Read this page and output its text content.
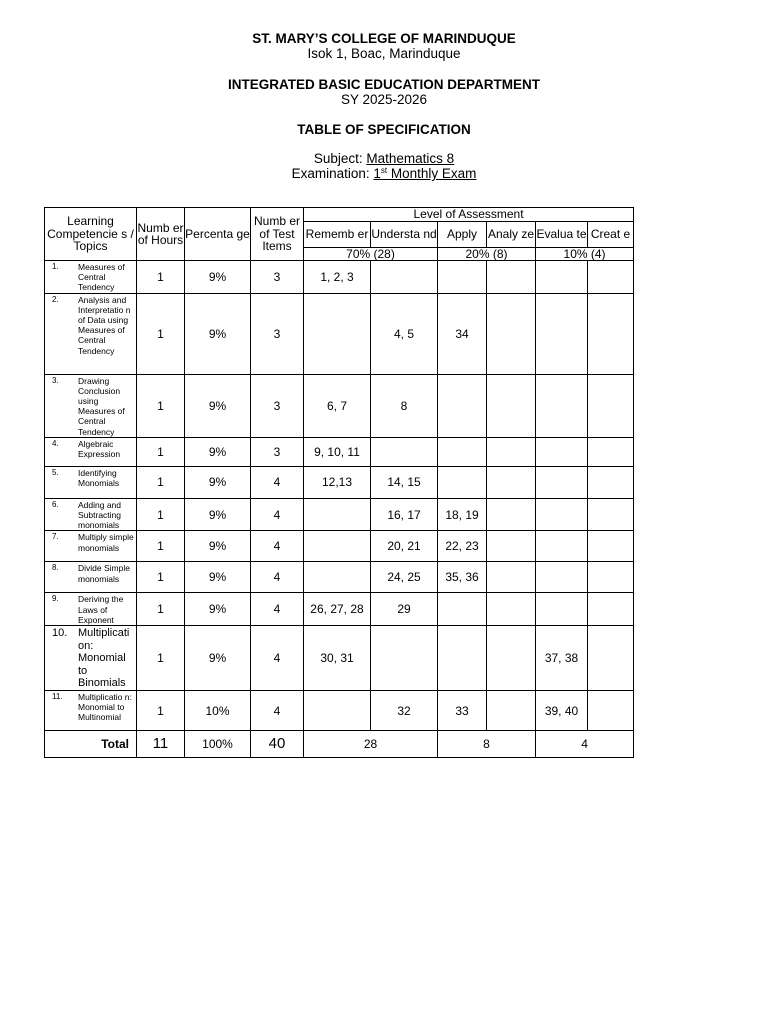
ST. MARY’S COLLEGE OF MARINDUQUE
Isok 1, Boac, Marinduque
INTEGRATED BASIC EDUCATION DEPARTMENT
SY 2025-2026
TABLE OF SPECIFICATION
Subject: Mathematics 8
Examination: 1st Monthly Exam
Learning Competencie s / Topics	Numb er of Hours	Percenta ge	Numb er of Test Items	Level of Assessment					
				Rememb er	Understa nd	Apply	Analy ze	Evalua te	Creat e
				70% (28)		20% (8)		10% (4)	

1. Measures of Central Tendency	1	9%	3	1, 2, 3					

2. Analysis and Interpretatio n of Data using Measures of Central Tendency	1	9%	3		4, 5	34			

3. Drawing Conclusion using Measures of Central Tendency	1	9%	3	6, 7	8				

4. Algebraic Expression	1	9%	3	9, 10, 11					

5. Identifying Monomials	1	9%	4	12,13	14, 15				

6. Adding and Subtracting monomials	1	9%	4		16, 17	18, 19			

7. Multiply simple monomials	1	9%	4		20, 21	22, 23			

8. Divide Simple monomials	1	9%	4		24, 25	35, 36			

9. Deriving the Laws of Exponent	1	9%	4	26, 27, 28	29				

10. Multiplicati on: Monomial to Binomials	1	9%	4	30, 31				37, 38	

11. Multiplicatio n: Monomial to Multinomial	1	10%	4		32	33		39, 40	
Total	11	100%	40	28		8		4	
